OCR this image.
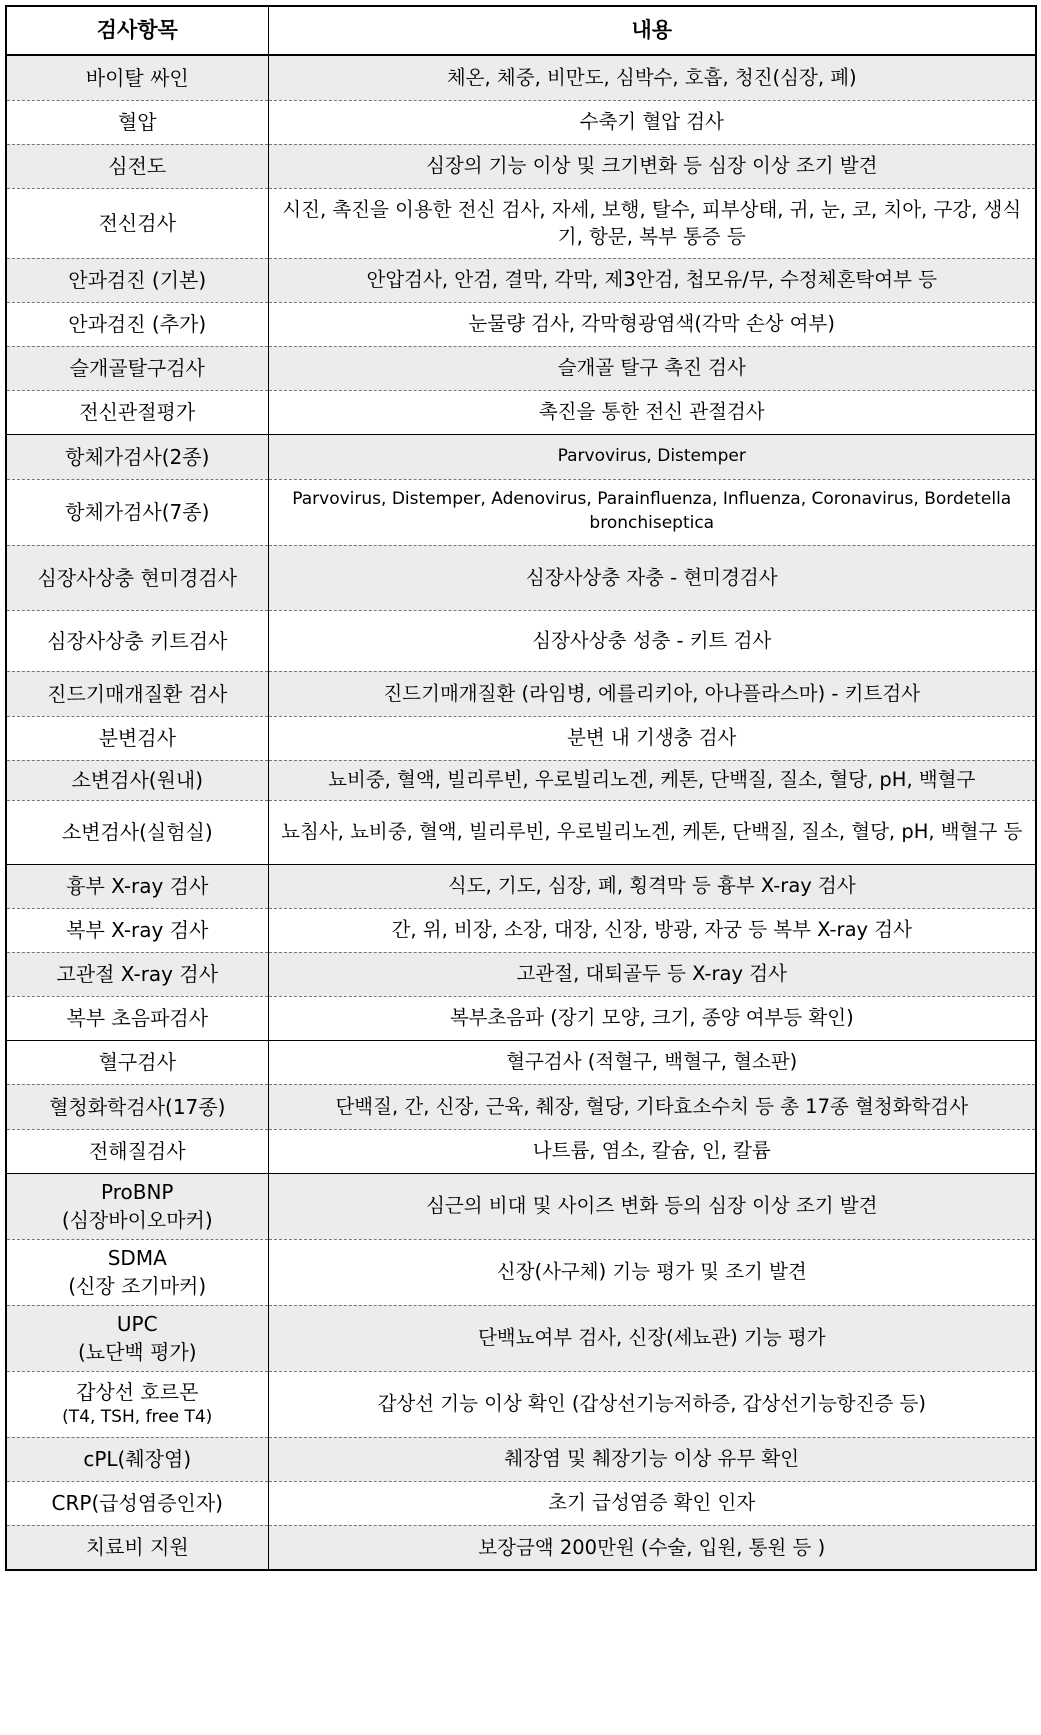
검사항목	내용
바이탈 싸인	체온, 체중, 비만도, 심박수, 호흡, 청진(심장, 폐)
혈압	수축기 혈압 검사
심전도	심장의 기능 이상 및 크기변화 등 심장 이상 조기 발견
전신검사	시진, 촉진을 이용한 전신 검사, 자세, 보행, 탈수, 피부상태, 귀, 눈, 코, 치아, 구강, 생식기, 항문, 복부 통증 등
안과검진 (기본)	안압검사, 안검, 결막, 각막, 제3안검, 첩모유/무, 수정체혼탁여부 등
안과검진 (추가)	눈물량 검사, 각막형광염색(각막 손상 여부)
슬개골탈구검사	슬개골 탈구 촉진 검사
전신관절평가	촉진을 통한 전신 관절검사
항체가검사(2종)	Parvovirus, Distemper
항체가검사(7종)	Parvovirus, Distemper, Adenovirus, Parainfluenza, Influenza, Coronavirus, Bordetella bronchiseptica
심장사상충 현미경검사	심장사상충 자충 - 현미경검사
심장사상충 키트검사	심장사상충 성충 - 키트 검사
진드기매개질환 검사	진드기매개질환 (라임병, 에를리키아, 아나플라스마) - 키트검사
분변검사	분변 내 기생충 검사
소변검사(원내)	뇨비중, 혈액, 빌리루빈, 우로빌리노겐, 케톤, 단백질, 질소, 혈당, pH, 백혈구
소변검사(실험실)	뇨침사, 뇨비중, 혈액, 빌리루빈, 우로빌리노겐, 케톤, 단백질, 질소, 혈당, pH, 백혈구 등
흉부 X-ray 검사	식도, 기도, 심장, 폐, 횡격막 등 흉부 X-ray 검사
복부 X-ray 검사	간, 위, 비장, 소장, 대장, 신장, 방광, 자궁 등 복부 X-ray 검사
고관절 X-ray 검사	고관절, 대퇴골두 등 X-ray 검사
복부 초음파검사	복부초음파 (장기 모양, 크기, 종양 여부등 확인)
혈구검사	혈구검사 (적혈구, 백혈구, 혈소판)
혈청화학검사(17종)	단백질, 간, 신장, 근육, 췌장, 혈당, 기타효소수치 등 총 17종 혈청화학검사
전해질검사	나트륨, 염소, 칼슘, 인, 칼륨

ProBNP
(심장바이오마커)	심근의 비대 및 사이즈 변화 등의 심장 이상 조기 발견

SDMA
(신장 조기마커)	신장(사구체) 기능 평가 및 조기 발견

UPC
(뇨단백 평가)	단백뇨여부 검사, 신장(세뇨관) 기능 평가

갑상선 호르몬
(T4, TSH, free T4)	갑상선 기능 이상 확인 (갑상선기능저하증, 갑상선기능항진증 등)
cPL(췌장염)	췌장염 및 췌장기능 이상 유무 확인
CRP(급성염증인자)	초기 급성염증 확인 인자
치료비 지원	보장금액 200만원 (수술, 입원, 통원 등 )
